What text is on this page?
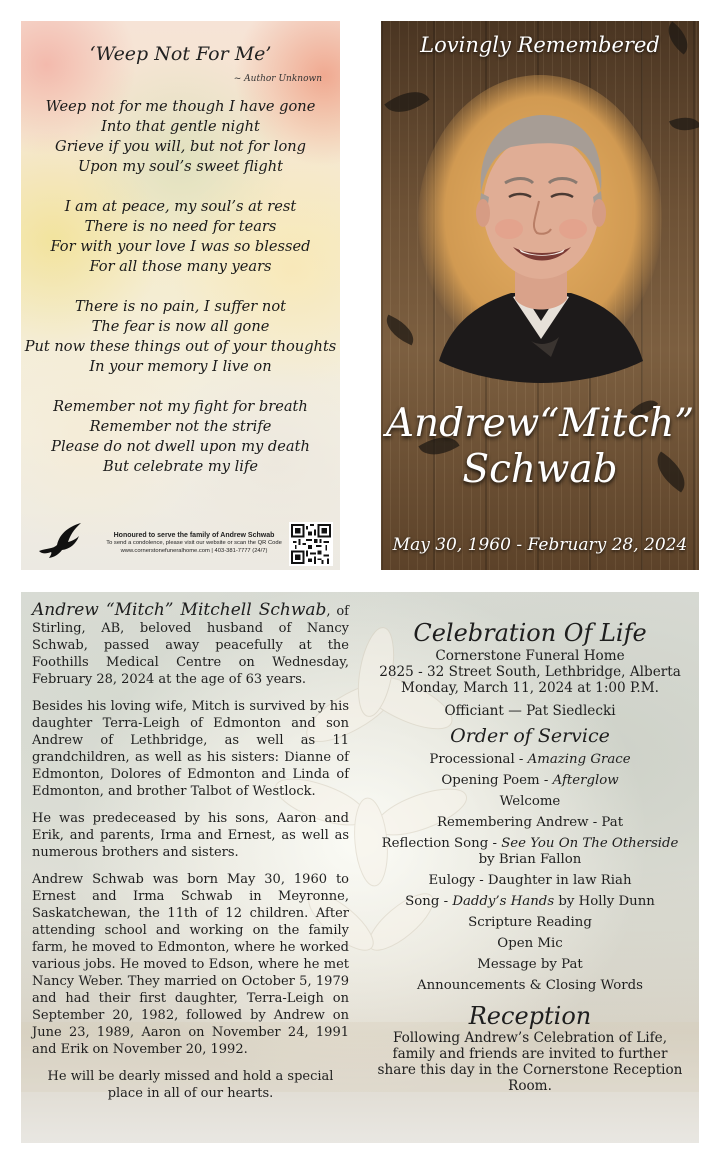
‘Weep Not For Me’
~ Author Unknown
Weep not for me though I have gone
Into that gentle night
Grieve if you will, but not for long
Upon my soul’s sweet flight
I am at peace, my soul’s at rest
There is no need for tears
For with your love I was so blessed
For all those many years
There is no pain, I suffer not
The fear is now all gone
Put now these things out of your thoughts
In your memory I live on
Remember not my fight for breath
Remember not the strife
Please do not dwell upon my death
But celebrate my life
Honoured to serve the family of Andrew Schwab
To send a condolence, please visit our website or scan the QR Code
www.cornerstonefuneralhome.com | 403-381-7777 (24/7)
Lovingly Remembered
Andrew“Mitch”
Schwab
May 30, 1960 - February 28, 2024

Andrew “Mitch” Mitchell Schwab, of Stirling, AB, beloved husband of Nancy Schwab, passed away peacefully at the Foothills Medical Centre on Wednesday, February 28, 2024 at the age of 63 years.

Besides his loving wife, Mitch is survived by his daughter Terra-Leigh of Edmonton and son Andrew of Lethbridge, as well as 11 grandchildren, as well as his sisters: Dianne of Edmonton, Dolores of Edmonton and Linda of Edmonton, and brother Talbot of Westlock.

He was predeceased by his sons, Aaron and Erik, and parents, Irma and Ernest, as well as numerous brothers and sisters.

Andrew Schwab was born May 30, 1960 to Ernest and Irma Schwab in Meyronne, Saskatchewan, the 11th of 12 children. After attending school and working on the family farm, he moved to Edmonton, where he worked various jobs. He moved to Edson, where he met Nancy Weber. They married on October 5, 1979 and had their first daughter, Terra-Leigh on September 20, 1982, followed by Andrew on June 23, 1989, Aaron on November 24, 1991 and Erik on November 20, 1992.

He will be dearly missed and hold a special place in all of our hearts.

Celebration Of Life
Cornerstone Funeral Home
2825 - 32 Street South, Lethbridge, Alberta
Monday, March 11, 2024 at 1:00 P.M.
Officiant — Pat Siedlecki
Order of Service
Processional - Amazing Grace
Opening Poem - Afterglow
Welcome
Remembering Andrew - Pat
Reflection Song - See You On The Otherside
by Brian Fallon
Eulogy - Daughter in law Riah
Song - Daddy’s Hands by Holly Dunn
Scripture Reading
Open Mic
Message by Pat
Announcements & Closing Words
Reception
Following Andrew’s Celebration of Life, family and friends are invited to further share this day in the Cornerstone Reception Room.
